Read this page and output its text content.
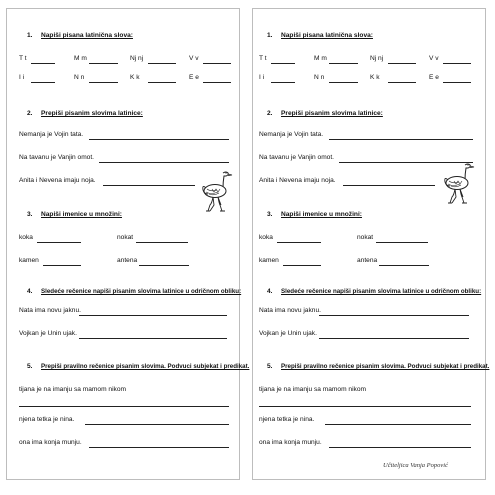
1. Napiši pisana latinična slova:
T t	M m	Nj nj	V v
I i	N n	K k	E e
2. Prepiši pisanim slovima latinice:
Nemanja je Vojin tata.
Na tavanu je Vanjin omot.
Anita i Nevena imaju noja.
3. Napiši imenice u množini:
koka	nokat
kamen	antena
4. Sledeće rečenice napiši pisanim slovima latinice u odričnom obliku:
Nata ima novu jaknu.
Vojkan je Unin ujak.
5. Prepiši pravilno rečenice pisanim slovima. Podvuci subjekat i predikat.
tijana je na imanju sa mamom nikom
njena tetka je nina.
ona ima konja munju.
1. Napiši pisana latinična slova:
T t	M m	Nj nj	V v
I i	N n	K k	E e
2. Prepiši pisanim slovima latinice:
Nemanja je Vojin tata.
Na tavanu je Vanjin omot.
Anita i Nevena imaju noja.
3. Napiši imenice u množini:
koka	nokat
kamen	antena
4. Sledeće rečenice napiši pisanim slovima latinice u odričnom obliku:
Nata ima novu jaknu.
Vojkan je Unin ujak.
5. Prepiši pravilno rečenice pisanim slovima. Podvuci subjekat i predikat.
tijana je na imanju sa mamom nikom
njena tetka je nina.
ona ima konja munju.
Učiteljica Vanja Popović
